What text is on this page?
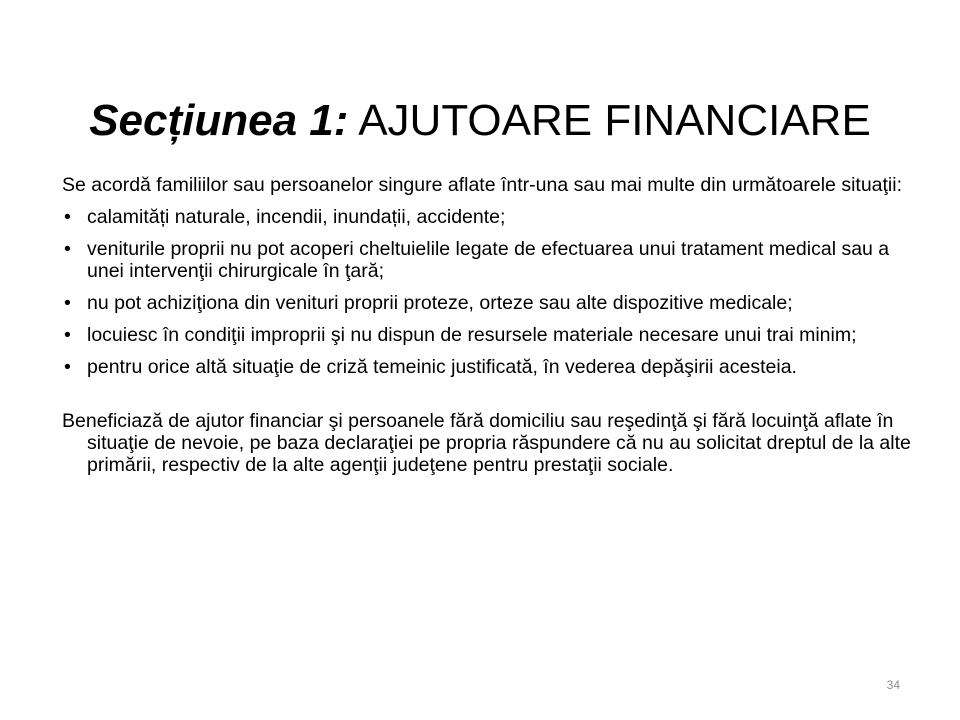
Secțiunea 1: AJUTOARE FINANCIARE

Se acordă familiilor sau persoanelor singure aflate într-una sau mai multe din următoarele situaţii:

• calamități naturale, incendii, inundații, accidente;
• veniturile proprii nu pot acoperi cheltuielile legate de efectuarea unui tratament medical sau a unei intervenţii chirurgicale în ţară;
• nu pot achiziţiona din venituri proprii proteze, orteze sau alte dispozitive medicale;
• locuiesc în condiţii improprii şi nu dispun de resursele materiale necesare unui trai minim;
• pentru orice altă situaţie de criză temeinic justificată, în vederea depăşirii acesteia.

Beneficiază de ajutor financiar şi persoanele fără domiciliu sau reşedinţă şi fără locuinţă aflate în situaţie de nevoie, pe baza declaraţiei pe propria răspundere că nu au solicitat dreptul de la alte primării, respectiv de la alte agenţii judeţene pentru prestaţii sociale.

34
